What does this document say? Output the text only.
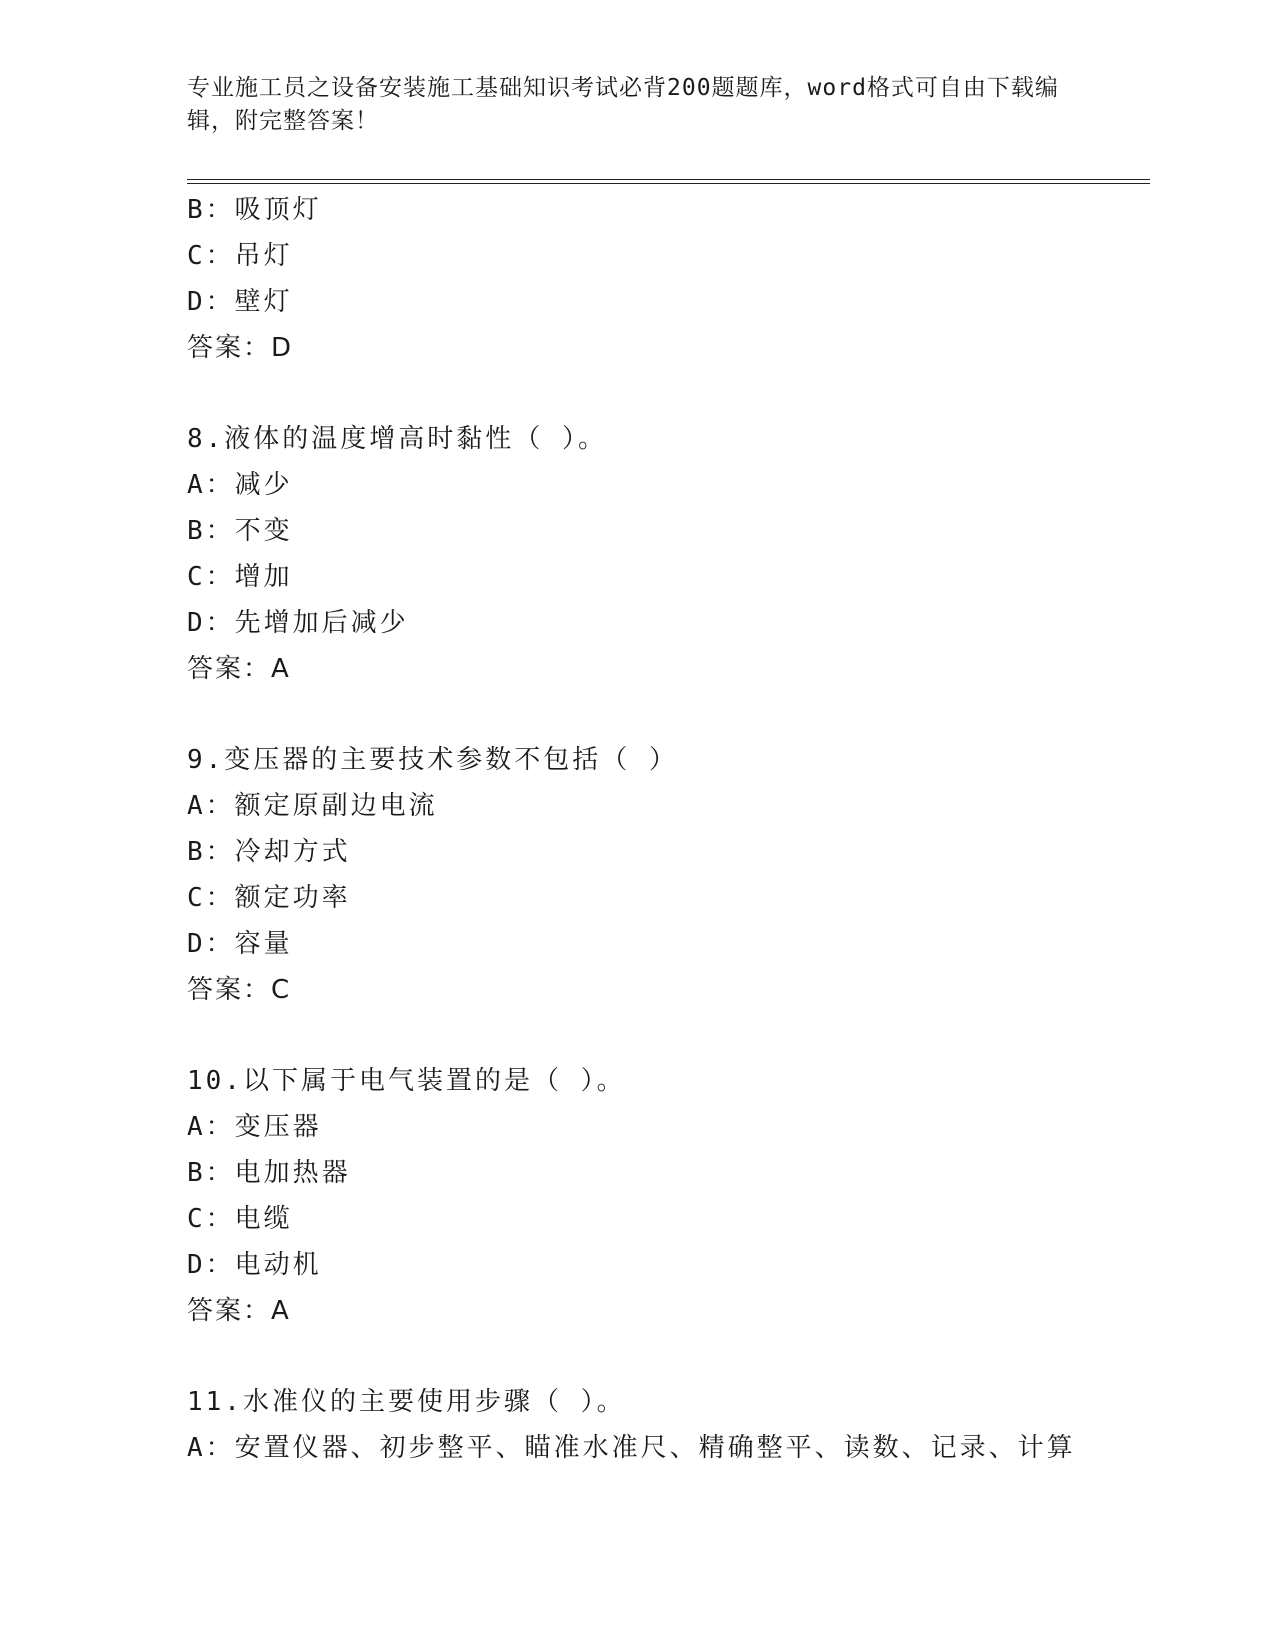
专业施工员之设备安装施工基础知识考试必背200题题库，word格式可自由下载编辑，附完整答案！
B：吸顶灯
C：吊灯
D：壁灯
答案：D
8.液体的温度增高时黏性（ ）。
A：减少
B：不变
C：增加
D：先增加后减少
答案：A
9.变压器的主要技术参数不包括（ ）
A：额定原副边电流
B：冷却方式
C：额定功率
D：容量
答案：C
10.以下属于电气装置的是（ ）。
A：变压器
B：电加热器
C：电缆
D：电动机
答案：A
11.水准仪的主要使用步骤（ ）。
A：安置仪器、初步整平、瞄准水准尺、精确整平、读数、记录、计算
